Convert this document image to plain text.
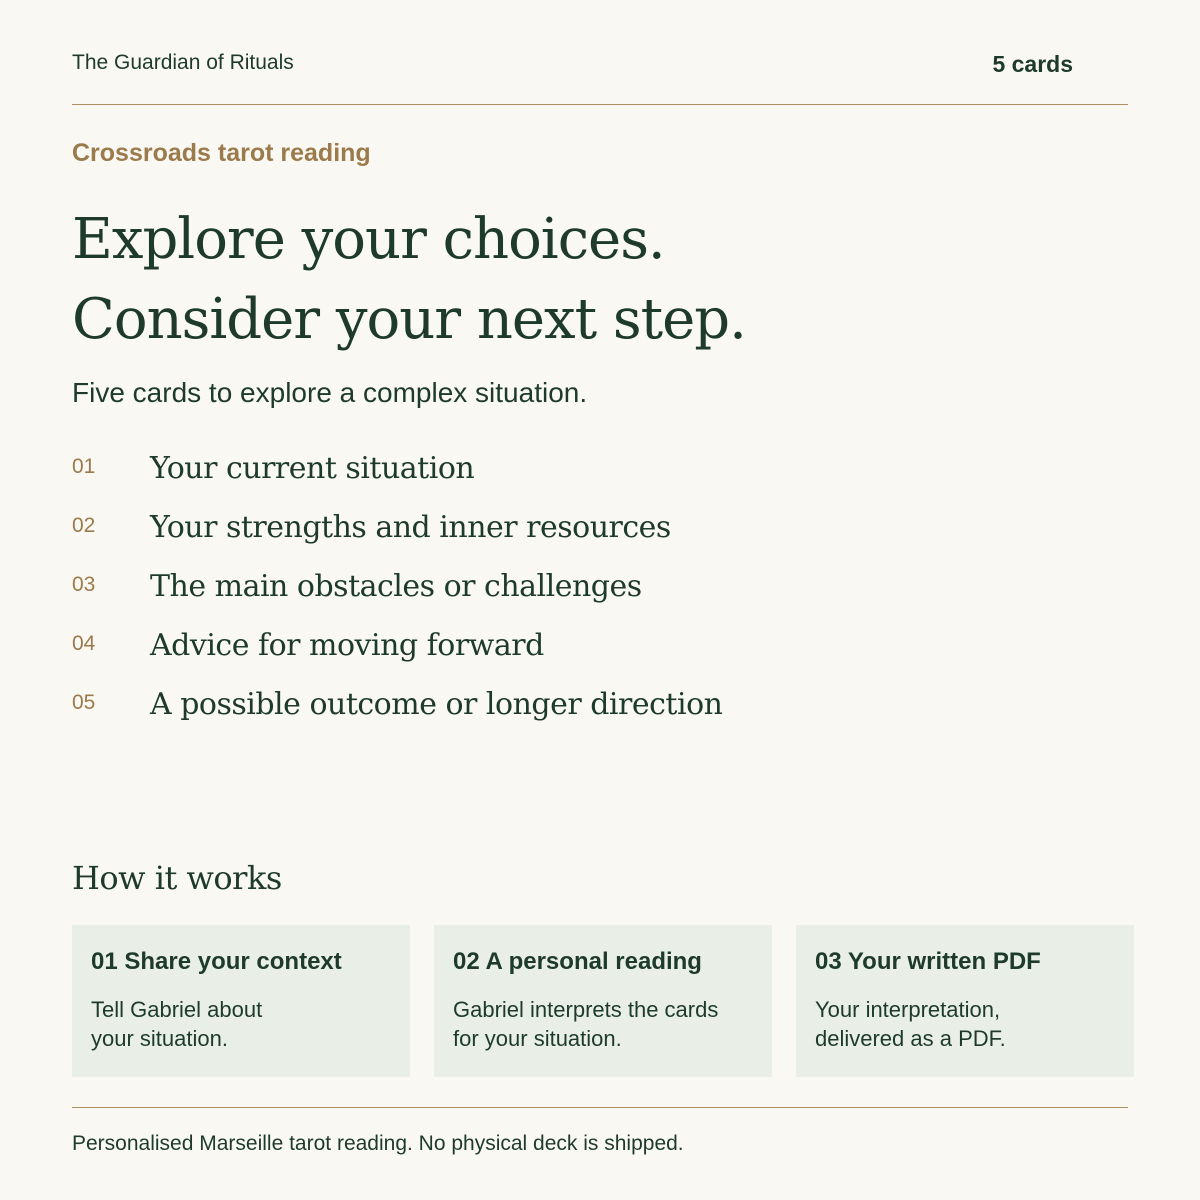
The Guardian of Rituals	5 cards
Crossroads tarot reading
Explore your choices.
Consider your next step.
Five cards to explore a complex situation.
01 Your current situation
02 Your strengths and inner resources
03 The main obstacles or challenges
04 Advice for moving forward
05 A possible outcome or longer direction
How it works
01 Share your context
Tell Gabriel about
your situation.
02 A personal reading
Gabriel interprets the cards
for your situation.
03 Your written PDF
Your interpretation,
delivered as a PDF.
Personalised Marseille tarot reading. No physical deck is shipped.
